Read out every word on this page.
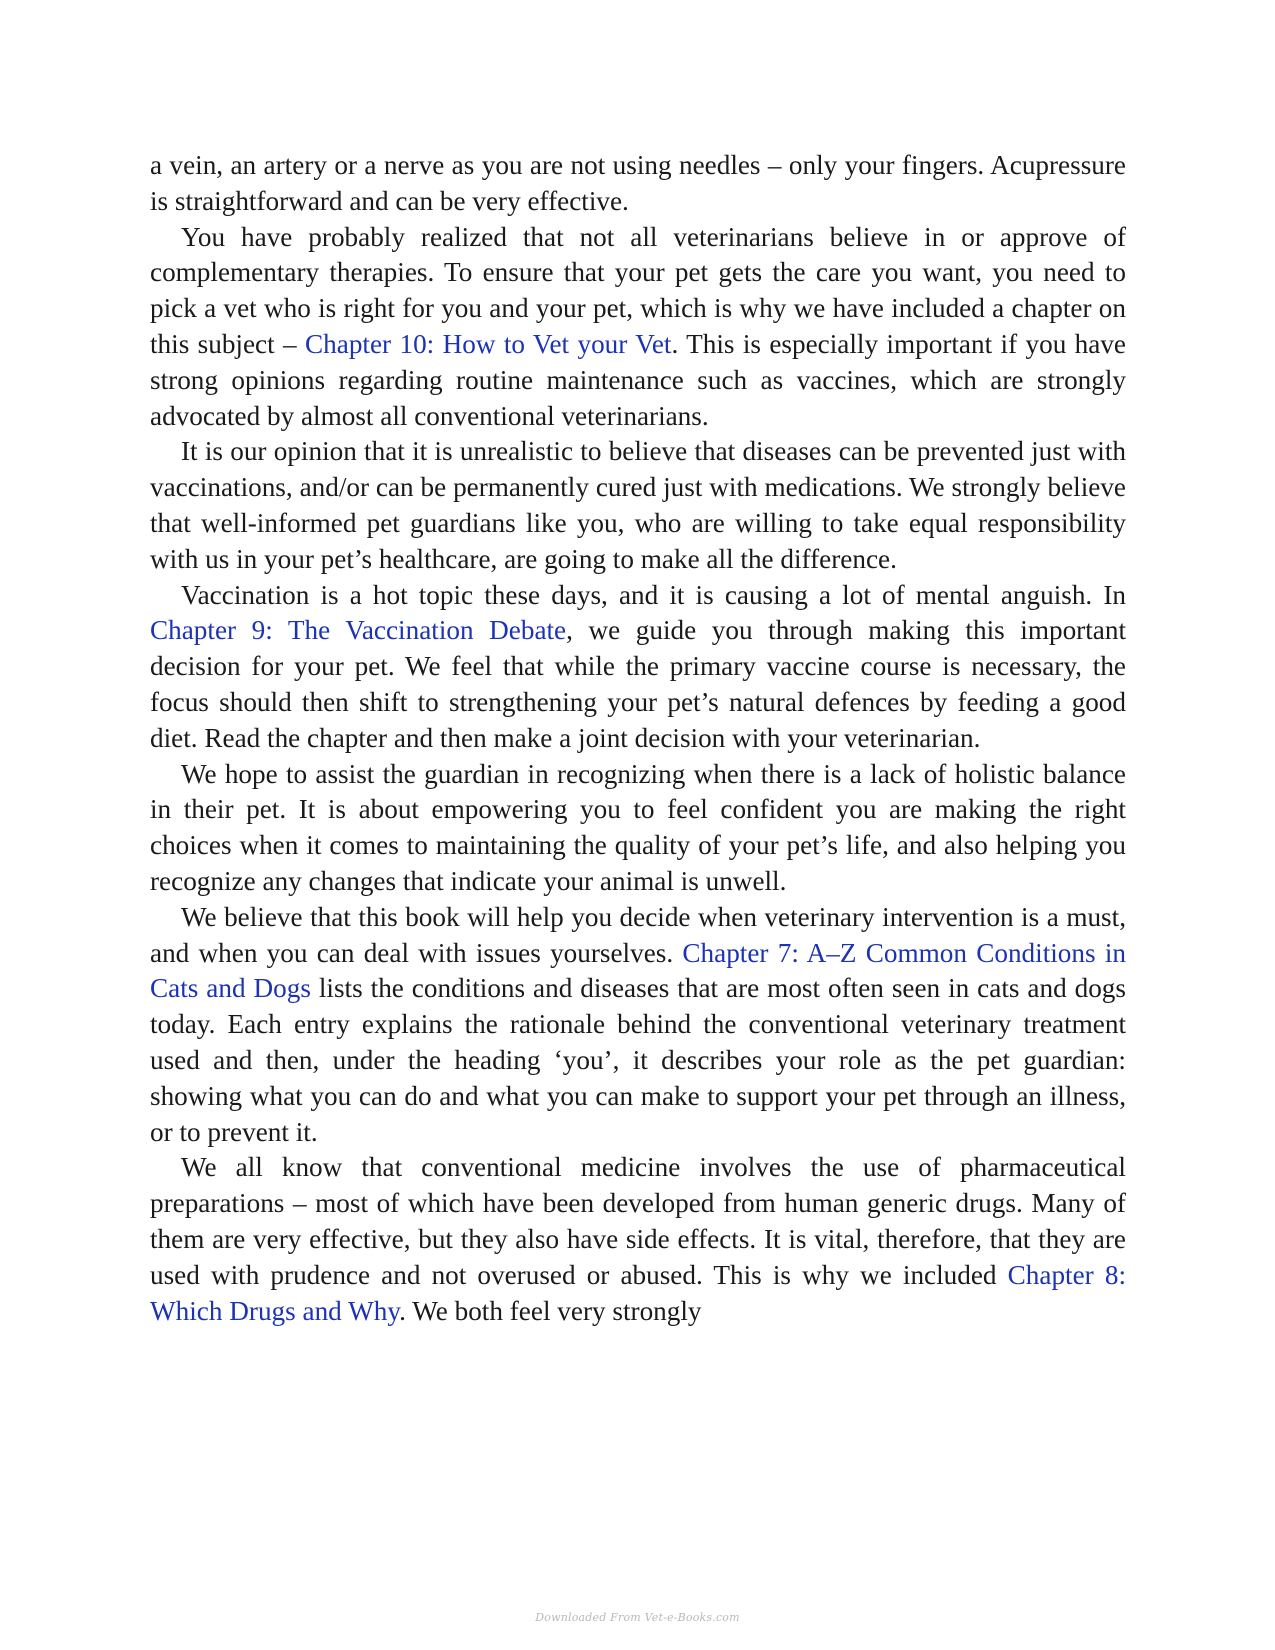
a vein, an artery or a nerve as you are not using needles – only your fingers. Acupressure is straightforward and can be very effective.

You have probably realized that not all veterinarians believe in or approve of complementary therapies. To ensure that your pet gets the care you want, you need to pick a vet who is right for you and your pet, which is why we have included a chapter on this subject – Chapter 10: How to Vet your Vet. This is especially important if you have strong opinions regarding routine maintenance such as vaccines, which are strongly advocated by almost all conventional veterinarians.

It is our opinion that it is unrealistic to believe that diseases can be prevented just with vaccinations, and/or can be permanently cured just with medications. We strongly believe that well-informed pet guardians like you, who are willing to take equal responsibility with us in your pet’s healthcare, are going to make all the difference.

Vaccination is a hot topic these days, and it is causing a lot of mental anguish. In Chapter 9: The Vaccination Debate, we guide you through making this important decision for your pet. We feel that while the primary vaccine course is necessary, the focus should then shift to strengthening your pet’s natural defences by feeding a good diet. Read the chapter and then make a joint decision with your veterinarian.

We hope to assist the guardian in recognizing when there is a lack of holistic balance in their pet. It is about empowering you to feel confident you are making the right choices when it comes to maintaining the quality of your pet’s life, and also helping you recognize any changes that indicate your animal is unwell.

We believe that this book will help you decide when veterinary intervention is a must, and when you can deal with issues yourselves. Chapter 7: A–Z Common Conditions in Cats and Dogs lists the conditions and diseases that are most often seen in cats and dogs today. Each entry explains the rationale behind the conventional veterinary treatment used and then, under the heading ‘you’, it describes your role as the pet guardian: showing what you can do and what you can make to support your pet through an illness, or to prevent it.

We all know that conventional medicine involves the use of pharmaceutical preparations – most of which have been developed from human generic drugs. Many of them are very effective, but they also have side effects. It is vital, therefore, that they are used with prudence and not overused or abused. This is why we included Chapter 8: Which Drugs and Why. We both feel very strongly

Downloaded From Vet-e-Books.com
